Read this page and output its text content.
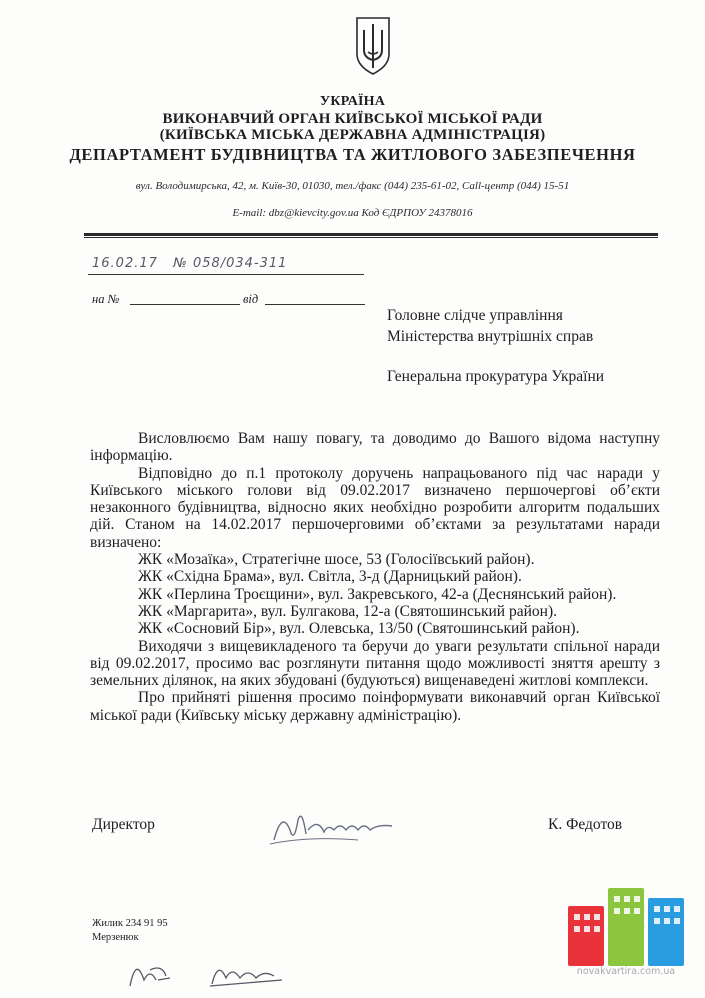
УКРАЇНА
ВИКОНАВЧИЙ ОРГАН КИЇВСЬКОЇ МІСЬКОЇ РАДИ
(КИЇВСЬКА МІСЬКА ДЕРЖАВНА АДМІНІСТРАЦІЯ)
ДЕПАРТАМЕНТ БУДІВНИЦТВА ТА ЖИТЛОВОГО ЗАБЕЗПЕЧЕННЯ
вул. Володимирська, 42, м. Київ-30, 01030, тел./факс (044) 235-61-02, Call-центр (044) 15-51
E-mail: dbz@kievcity.gov.ua Код ЄДРПОУ 24378016
16.02.17   № 058/034-311
на №	від
Головне слідче управління
Міністерства внутрішніх справ
Генеральна прокуратура України

Висловлюємо Вам нашу повагу, та доводимо до Вашого відома наступну інформацію.

Відповідно до п.1 протоколу доручень напрацьованого під час наради у Київського міського голови від 09.02.2017 визначено першочергові об’єкти незаконного будівництва, відносно яких необхідно розробити алгоритм подальших дій. Станом на 14.02.2017 першочерговими об’єктами за результатами наради визначено:

ЖК «Мозаїка», Стратегічне шосе, 53 (Голосіївський район).

ЖК «Східна Брама», вул. Світла, 3-д (Дарницький район).

ЖК «Перлина Троєщини», вул. Закревського, 42-а (Деснянський район).

ЖК «Маргарита», вул. Булгакова, 12-а (Святошинський район).

ЖК «Сосновий Бір», вул. Олевська, 13/50 (Святошинський район).

Виходячи з вищевикладеного та беручи до уваги результати спільної наради від 09.02.2017, просимо вас розглянути питання щодо можливості зняття арешту з земельних ділянок, на яких збудовані (будуються) вищенаведені житлові комплекси.

Про прийняті рішення просимо поінформувати виконавчий орган Київської міської ради (Київську міську державну адміністрацію).

Директор	К. Федотов
Жилик 234 91 95
Мерзенюк
novakvartira.com.ua
